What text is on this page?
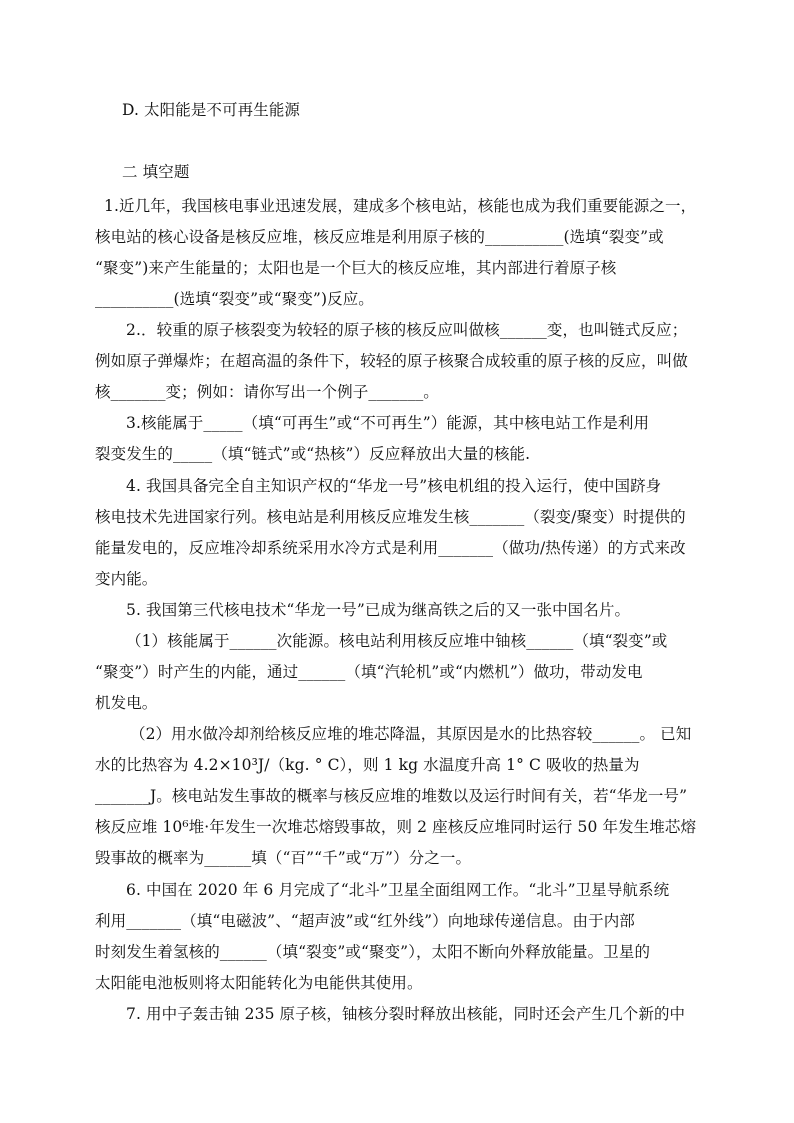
D. 太阳能是不可再生能源
二 填空题
1.近几年，我国核电事业迅速发展，建成多个核电站，核能也成为我们重要能源之一，
核电站的核心设备是核反应堆，核反应堆是利用原子核的__________(选填“裂变”或
“聚变”)来产生能量的；太阳也是一个巨大的核反应堆，其内部进行着原子核
__________(选填“裂变”或“聚变”)反应。
2.．较重的原子核裂变为较轻的原子核的核反应叫做核______变，也叫链式反应；
例如原子弹爆炸；在超高温的条件下，较轻的原子核聚合成较重的原子核的反应，叫做
核_______变；例如：请你写出一个例子_______。
3.核能属于_____（填“可再生”或“不可再生”）能源，其中核电站工作是利用
裂变发生的_____（填“链式”或“热核”）反应释放出大量的核能.
4. 我国具备完全自主知识产权的“华龙一号”核电机组的投入运行，使中国跻身
核电技术先进国家行列。核电站是利用核反应堆发生核_______（裂变/聚变）时提供的
能量发电的，反应堆冷却系统采用水冷方式是利用_______（做功/热传递）的方式来改
变内能。
5. 我国第三代核电技术“华龙一号”已成为继高铁之后的又一张中国名片。
（1）核能属于______次能源。核电站利用核反应堆中铀核______（填“裂变”或
“聚变”）时产生的内能，通过______（填“汽轮机”或“内燃机”）做功，带动发电
机发电。
（2）用水做冷却剂给核反应堆的堆芯降温，其原因是水的比热容较______。 已知
水的比热容为 4.2×10³J/（kg. ° C），则 1 kg 水温度升高 1° C 吸收的热量为
_______J。核电站发生事故的概率与核反应堆的堆数以及运行时间有关，若“华龙一号”
核反应堆 10⁶堆·年发生一次堆芯熔毁事故，则 2 座核反应堆同时运行 50 年发生堆芯熔
毁事故的概率为______填（“百”“千”或“万”）分之一。
6. 中国在 2020 年 6 月完成了“北斗”卫星全面组网工作。“北斗”卫星导航系统
利用_______（填“电磁波”、“超声波”或“红外线”）向地球传递信息。由于内部
时刻发生着氢核的______（填“裂变”或“聚变”），太阳不断向外释放能量。卫星的
太阳能电池板则将太阳能转化为电能供其使用。
7. 用中子轰击铀 235 原子核，铀核分裂时释放出核能，同时还会产生几个新的中
